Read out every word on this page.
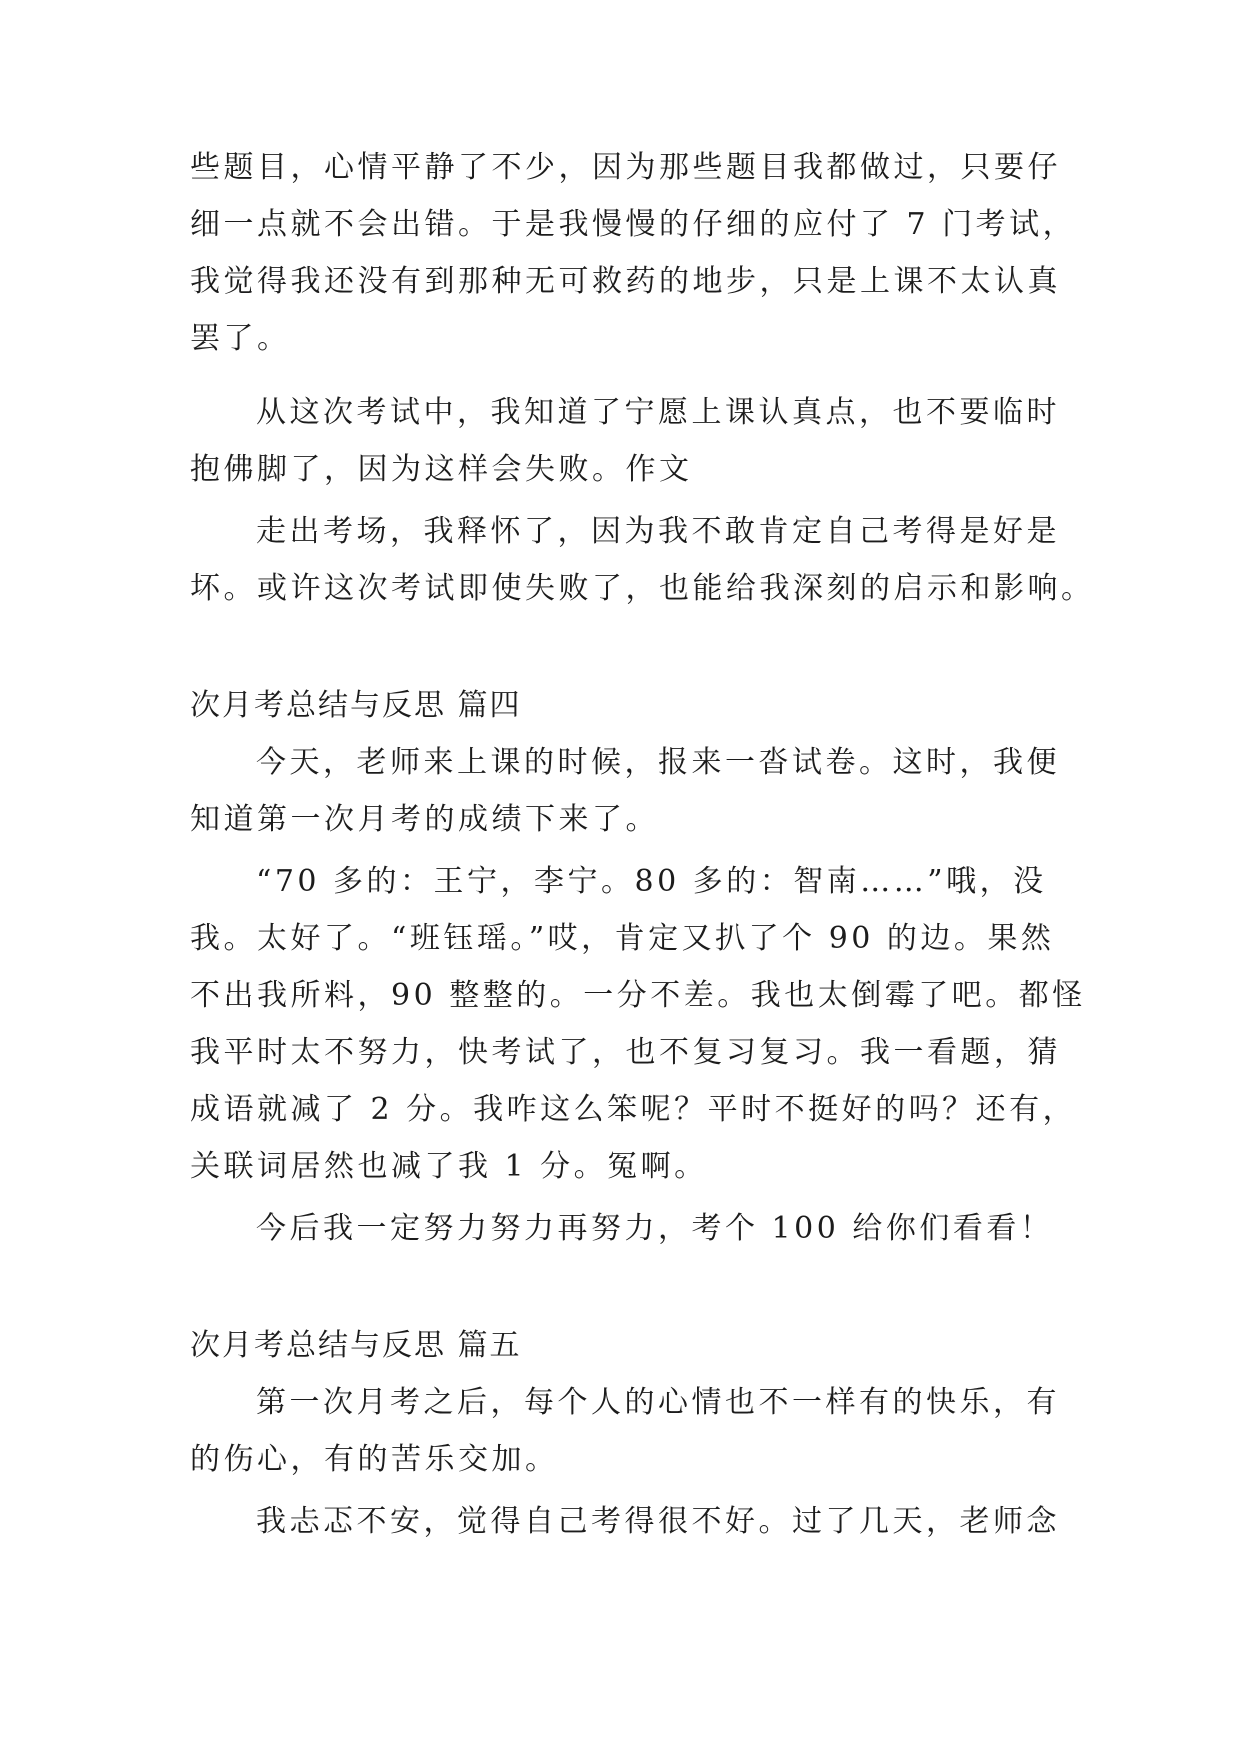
些题目，心情平静了不少，因为那些题目我都做过，只要仔
细一点就不会出错。于是我慢慢的仔细的应付了 7 门考试，
我觉得我还没有到那种无可救药的地步，只是上课不太认真
罢了。
从这次考试中，我知道了宁愿上课认真点，也不要临时
抱佛脚了，因为这样会失败。作文
走出考场，我释怀了，因为我不敢肯定自己考得是好是
坏。或许这次考试即使失败了，也能给我深刻的启示和影响。
次月考总结与反思 篇四
今天，老师来上课的时候，报来一沓试卷。这时，我便
知道第一次月考的成绩下来了。
“70 多的：王宁，李宁。80 多的：智南……”哦，没
我。太好了。“班钰瑶。”哎，肯定又扒了个 90 的边。果然
不出我所料，90 整整的。一分不差。我也太倒霉了吧。都怪
我平时太不努力，快考试了，也不复习复习。我一看题，猜
成语就减了 2 分。我咋这么笨呢？平时不挺好的吗？还有，
关联词居然也减了我 1 分。冤啊。
今后我一定努力努力再努力，考个 100 给你们看看！
次月考总结与反思 篇五
第一次月考之后，每个人的心情也不一样有的快乐，有
的伤心，有的苦乐交加。
我忐忑不安，觉得自己考得很不好。过了几天，老师念
